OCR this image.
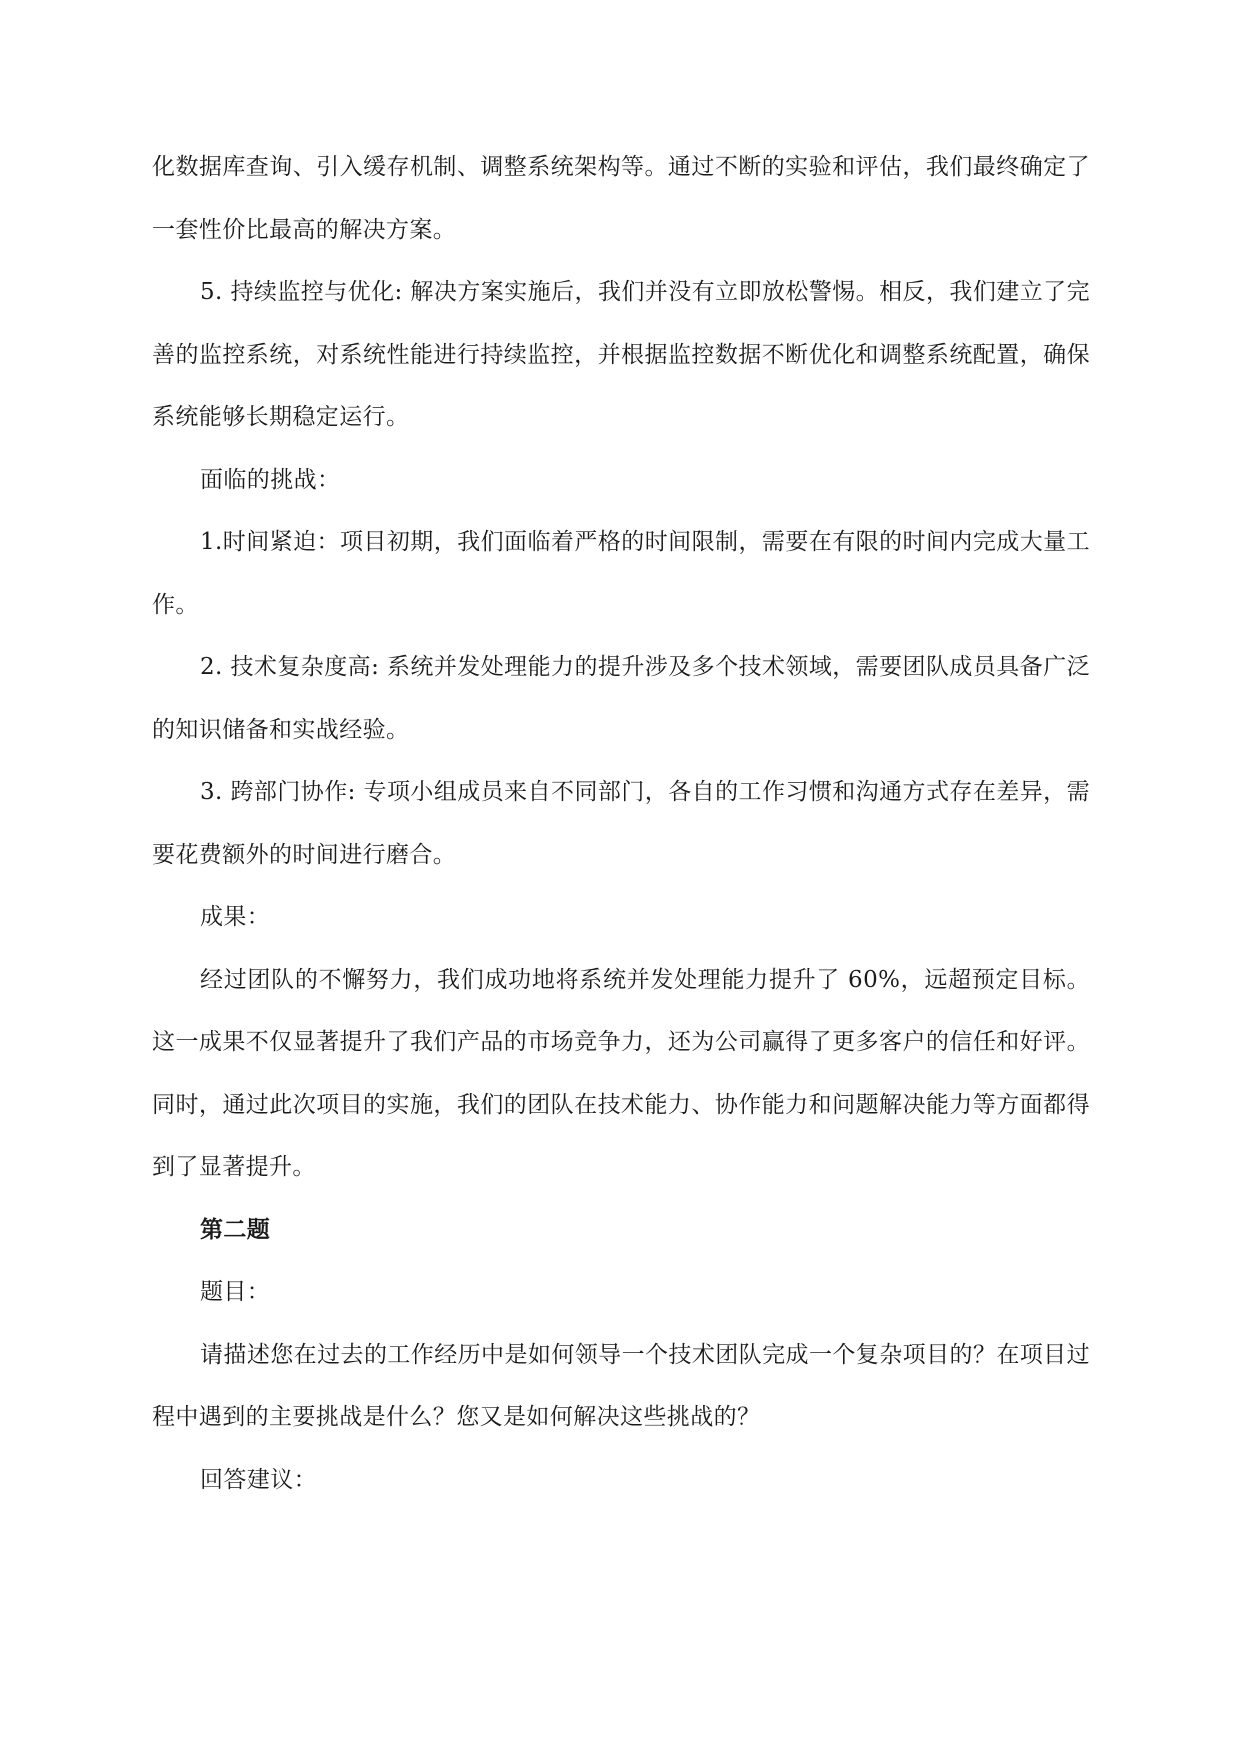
化数据库查询、引入缓存机制、调整系统架构等。通过不断的实验和评估，我们最终确定了一套性价比最高的解决方案。

5. 持续监控与优化: 解决方案实施后，我们并没有立即放松警惕。相反，我们建立了完善的监控系统，对系统性能进行持续监控，并根据监控数据不断优化和调整系统配置，确保系统能够长期稳定运行。

面临的挑战：

1.时间紧迫：项目初期，我们面临着严格的时间限制，需要在有限的时间内完成大量工作。

2. 技术复杂度高: 系统并发处理能力的提升涉及多个技术领域，需要团队成员具备广泛的知识储备和实战经验。

3. 跨部门协作: 专项小组成员来自不同部门，各自的工作习惯和沟通方式存在差异，需要花费额外的时间进行磨合。

成果：

经过团队的不懈努力，我们成功地将系统并发处理能力提升了 60%，远超预定目标。这一成果不仅显著提升了我们产品的市场竞争力，还为公司赢得了更多客户的信任和好评。同时，通过此次项目的实施，我们的团队在技术能力、协作能力和问题解决能力等方面都得到了显著提升。

第二题

题目：

请描述您在过去的工作经历中是如何领导一个技术团队完成一个复杂项目的？在项目过程中遇到的主要挑战是什么？您又是如何解决这些挑战的？

回答建议：
